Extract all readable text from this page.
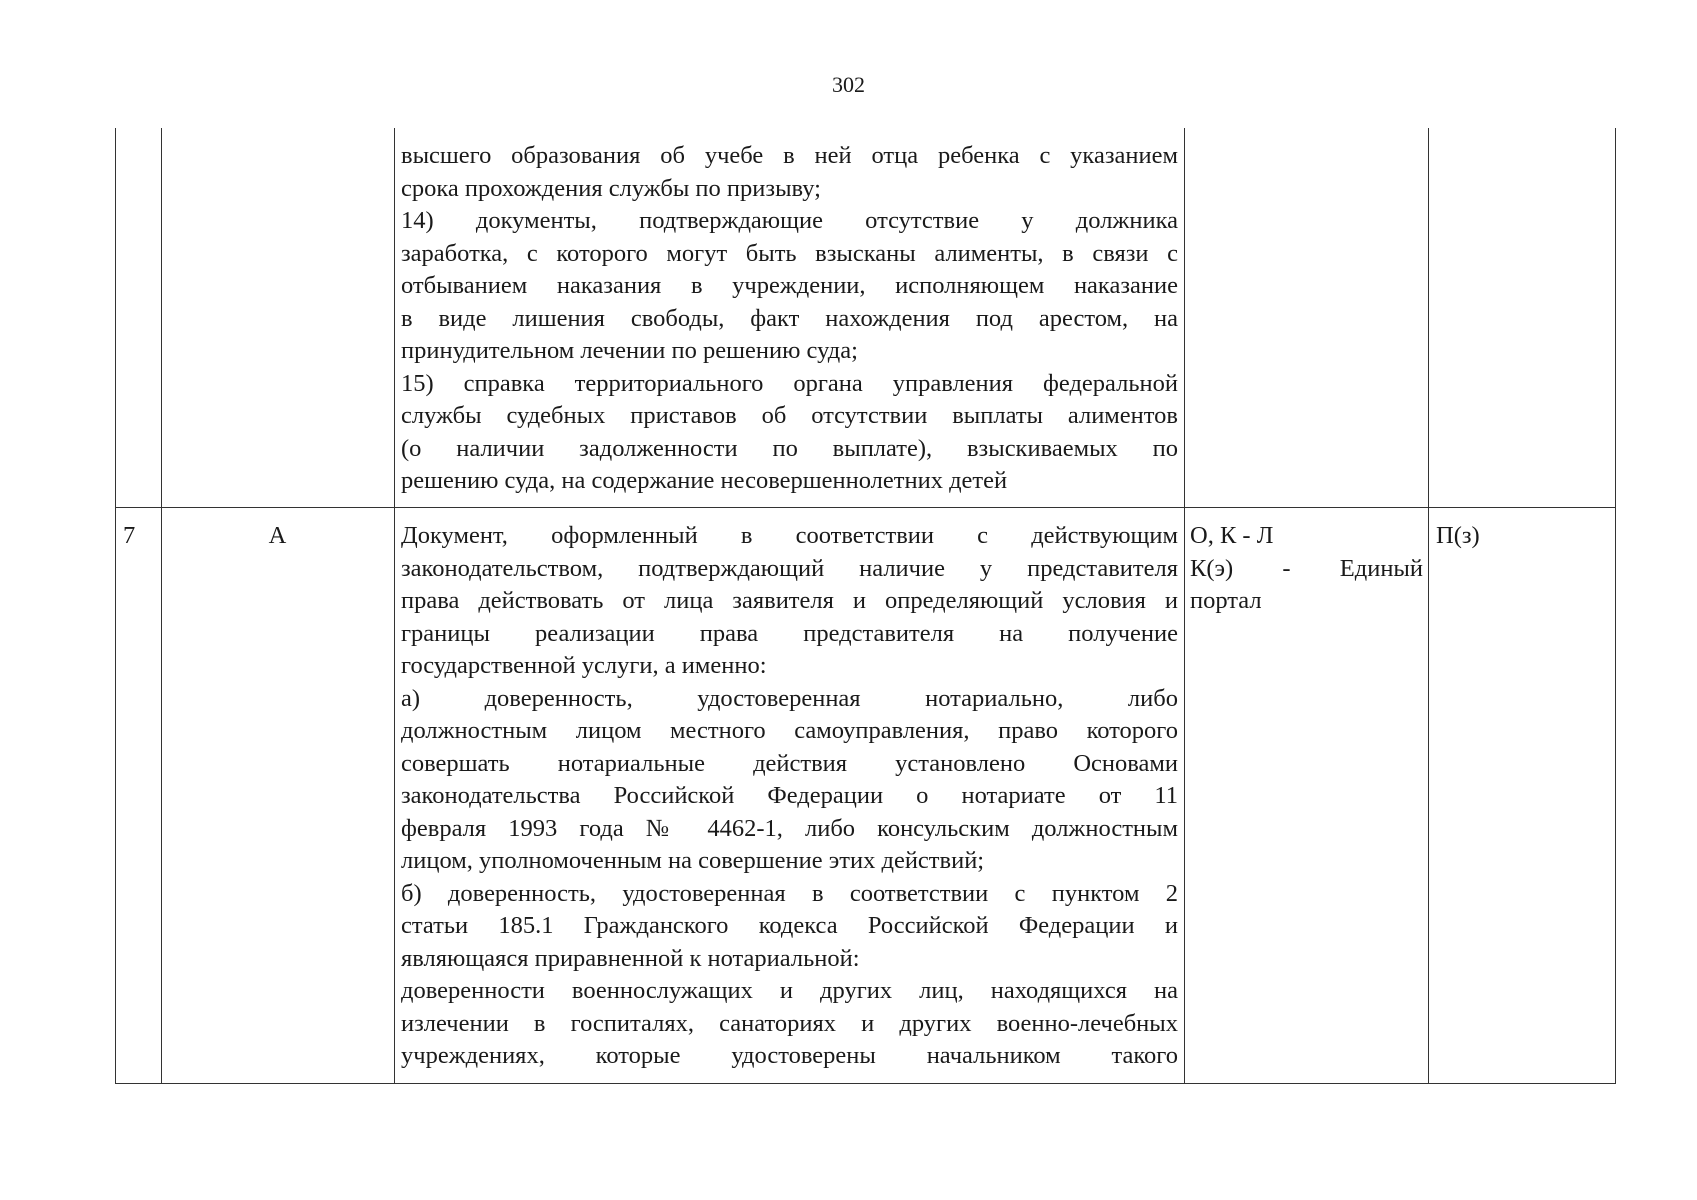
302
высшего образования об учебе в ней отца ребенка с указанием
срока прохождения службы по призыву;
14) документы, подтверждающие отсутствие у должника
заработка, с которого могут быть взысканы алименты, в связи с
отбыванием наказания в учреждении, исполняющем наказание
в виде лишения свободы, факт нахождения под арестом, на
принудительном лечении по решению суда;
15) справка территориального органа управления федеральной
службы судебных приставов об отсутствии выплаты алиментов
(о наличии задолженности по выплате), взыскиваемых по
решению суда, на содержание несовершеннолетних детей
7	А	Документ, оформленный в соответствии с действующим
законодательством, подтверждающий наличие у представителя
права действовать от лица заявителя и определяющий условия и
границы реализации права представителя на получение
государственной услуги, а именно:
а) доверенность, удостоверенная нотариально, либо
должностным лицом местного самоуправления, право которого
совершать нотариальные действия установлено Основами
законодательства Российской Федерации о нотариате от 11
февраля 1993 года № 4462-1, либо консульским должностным
лицом, уполномоченным на совершение этих действий;
б) доверенность, удостоверенная в соответствии с пунктом 2
статьи 185.1 Гражданского кодекса Российской Федерации и
являющаяся приравненной к нотариальной:
доверенности военнослужащих и других лиц, находящихся на
излечении в госпиталях, санаториях и других военно-лечебных
учреждениях, которые удостоверены начальником такого
О, К - Л
К(э) - Единый
портал
П(з)
